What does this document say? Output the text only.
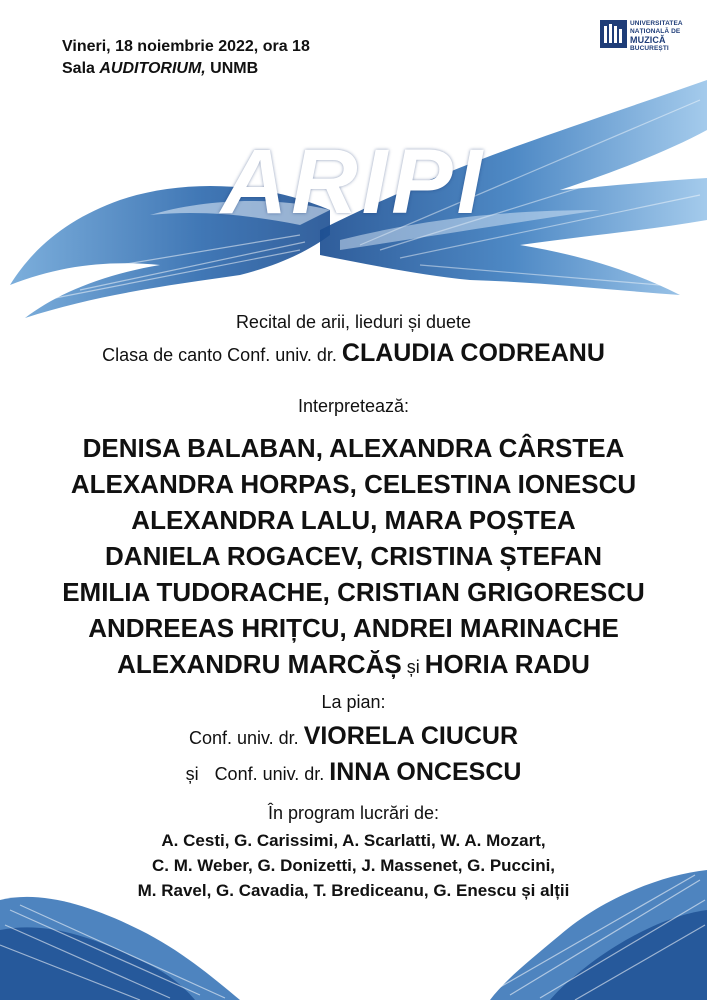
Vineri, 18 noiembrie 2022, ora 18
Sala AUDITORIUM, UNMB
UNIVERSITATEA
NAȚIONALĂ DE
MUZICĂ
BUCUREȘTI
ARIPI
Recital de arii, lieduri și duete
Clasa de canto Conf. univ. dr. CLAUDIA CODREANU
Interpretează:
DENISA BALABAN, ALEXANDRA CÂRSTEA
ALEXANDRA HORPAS, CELESTINA IONESCU
ALEXANDRA LALU, MARA POȘTEA
DANIELA ROGACEV, CRISTINA ȘTEFAN
EMILIA TUDORACHE, CRISTIAN GRIGORESCU
ANDREEAS HRIȚCU, ANDREI MARINACHE
ALEXANDRU MARCĂȘ și HORIA RADU
La pian:
Conf. univ. dr. VIORELA CIUCUR
și Conf. univ. dr. INNA ONCESCU
În program lucrări de:
A. Cesti, G. Carissimi, A. Scarlatti, W. A. Mozart,
C. M. Weber, G. Donizetti, J. Massenet, G. Puccini,
M. Ravel, G. Cavadia, T. Brediceanu, G. Enescu și alții
